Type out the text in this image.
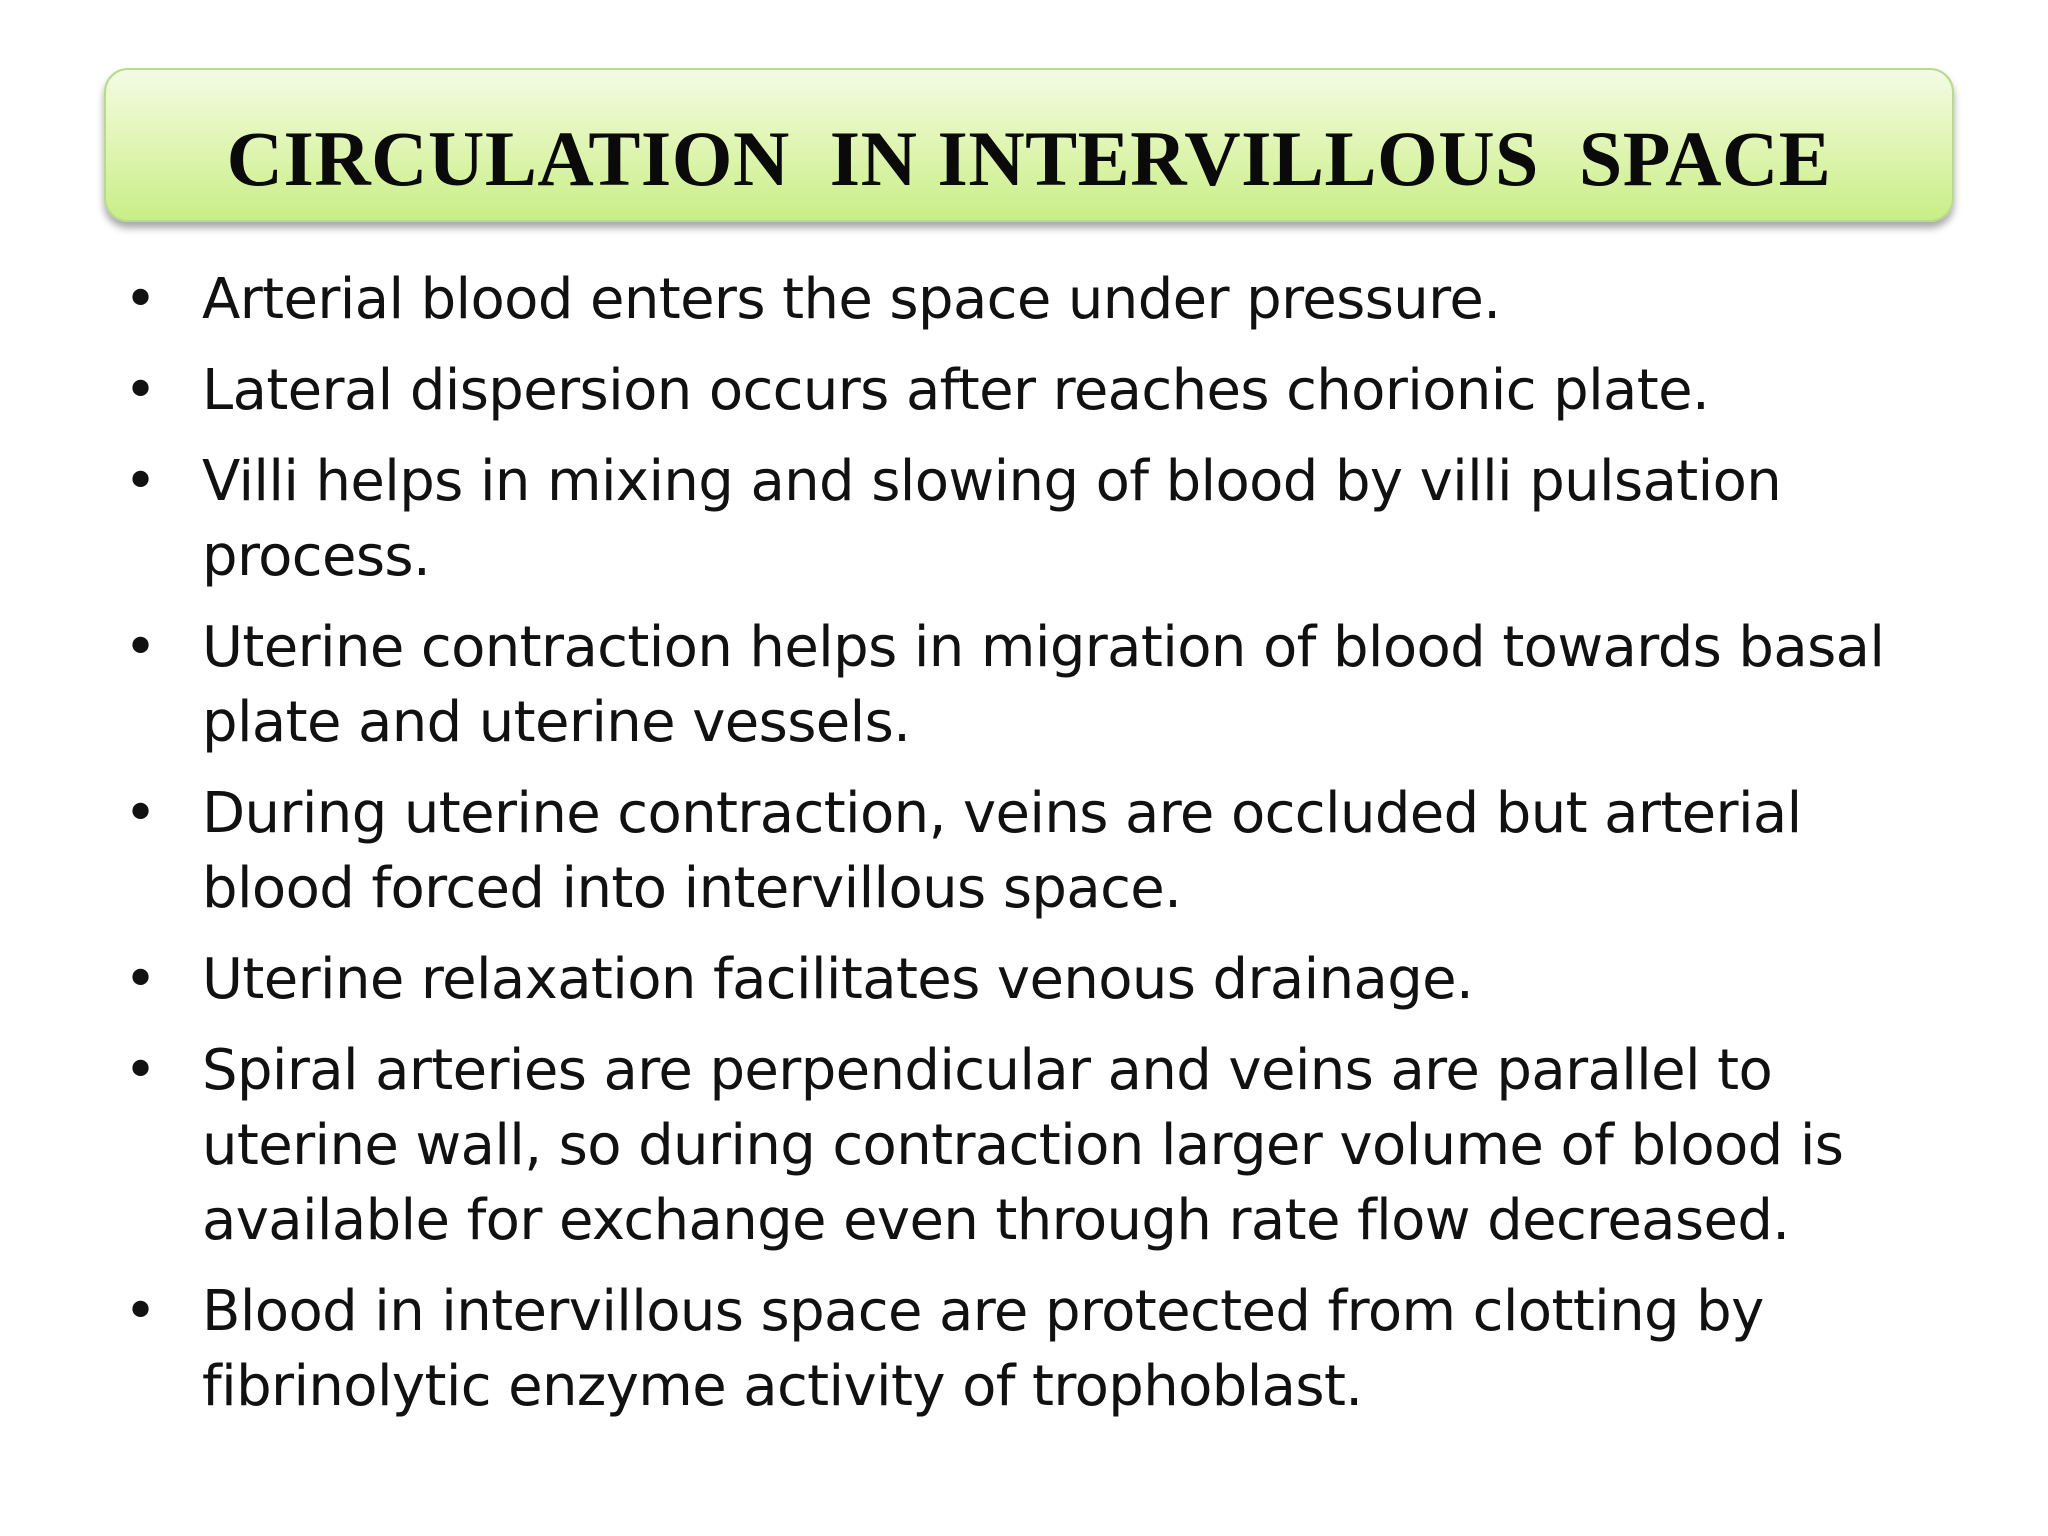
CIRCULATION  IN INTERVILLOUS  SPACE
• Arterial blood enters the space under pressure.
• Lateral dispersion occurs after reaches chorionic plate.
• Villi helps in mixing and slowing of blood by villi pulsation process.
• Uterine contraction helps in migration of blood towards basal plate and uterine vessels.
• During uterine contraction, veins are occluded but arterial blood forced into intervillous space.
• Uterine relaxation facilitates venous drainage.
• Spiral arteries are perpendicular and veins are parallel to uterine wall, so during contraction larger volume of blood is available for exchange even through rate flow decreased.
• Blood in intervillous space are protected from clotting by fibrinolytic enzyme activity of trophoblast.
